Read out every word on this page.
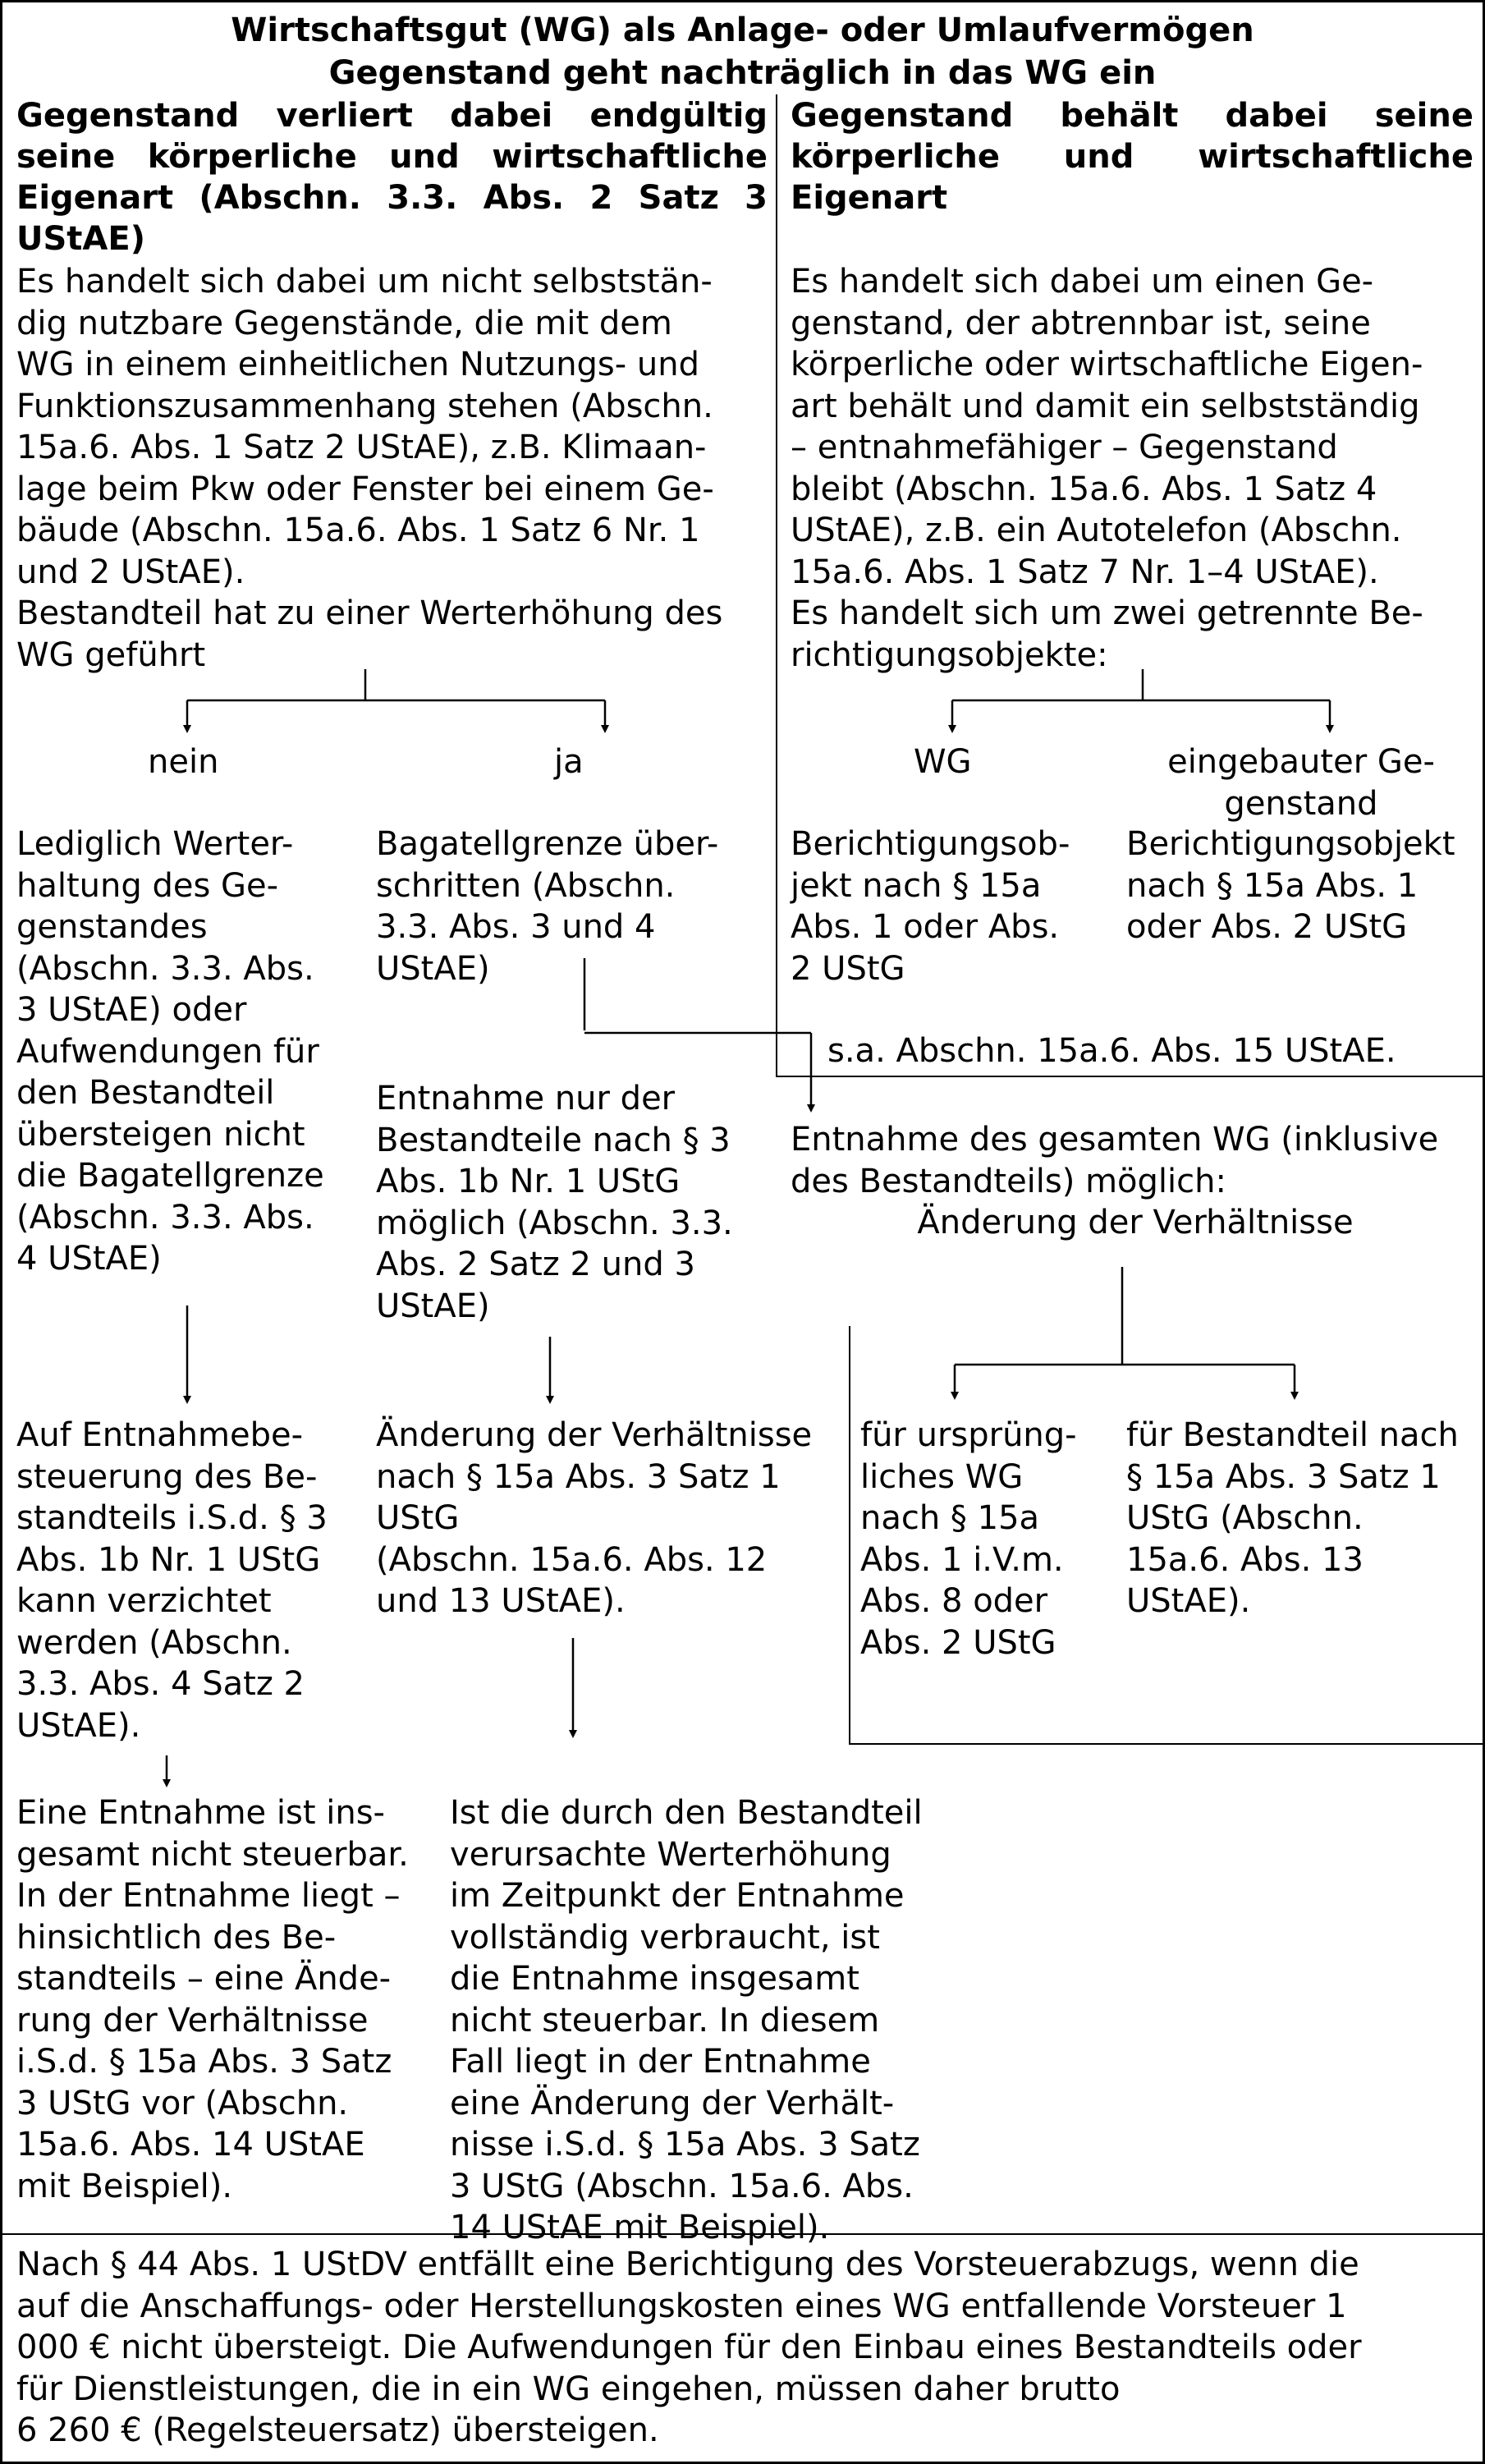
Wirtschaftsgut (WG) als Anlage- oder Umlaufvermögen
Gegenstand geht nachträglich in das WG ein
Gegenstand verliert dabei endgültig
seine körperliche und wirtschaftliche
Eigenart (Abschn. 3.3. Abs. 2 Satz 3
UStAE)
Es handelt sich dabei um nicht selbststän-
dig nutzbare Gegenstände, die mit dem
WG in einem einheitlichen Nutzungs- und
Funktionszusammenhang stehen (Abschn.
15a.6. Abs. 1 Satz 2 UStAE), z.B. Klimaan-
lage beim Pkw oder Fenster bei einem Ge-
bäude (Abschn. 15a.6. Abs. 1 Satz 6 Nr. 1
und 2 UStAE).
Bestandteil hat zu einer Werterhöhung des
WG geführt
Gegenstand behält dabei seine
körperliche und wirtschaftliche
Eigenart
Es handelt sich dabei um einen Ge-
genstand, der abtrennbar ist, seine
körperliche oder wirtschaftliche Eigen-
art behält und damit ein selbstständig
– entnahmefähiger – Gegenstand
bleibt (Abschn. 15a.6. Abs. 1 Satz 4
UStAE), z.B. ein Autotelefon (Abschn.
15a.6. Abs. 1 Satz 7 Nr. 1–4 UStAE).
Es handelt sich um zwei getrennte Be-
richtigungsobjekte:
nein	ja	WG	eingebauter Ge-
genstand
Lediglich Werter-
haltung des Ge-
genstandes
(Abschn. 3.3. Abs.
3 UStAE) oder
Aufwendungen für
den Bestandteil
übersteigen nicht
die Bagatellgrenze
(Abschn. 3.3. Abs.
4 UStAE)
Bagatellgrenze über-
schritten (Abschn.
3.3. Abs. 3 und 4
UStAE)
Berichtigungsob-
jekt nach § 15a
Abs. 1 oder Abs.
2 UStG
Berichtigungsobjekt
nach § 15a Abs. 1
oder Abs. 2 UStG
s.a. Abschn. 15a.6. Abs. 15 UStAE.
Entnahme nur der
Bestandteile nach § 3
Abs. 1b Nr. 1 UStG
möglich (Abschn. 3.3.
Abs. 2 Satz 2 und 3
UStAE)
Entnahme des gesamten WG (inklusive
des Bestandteils) möglich:
Änderung der Verhältnisse
Auf Entnahmebe-
steuerung des Be-
standteils i.S.d. § 3
Abs. 1b Nr. 1 UStG
kann verzichtet
werden (Abschn.
3.3. Abs. 4 Satz 2
UStAE).
Änderung der Verhältnisse
nach § 15a Abs. 3 Satz 1
UStG
(Abschn. 15a.6. Abs. 12
und 13 UStAE).
für ursprüng-
liches WG
nach § 15a
Abs. 1 i.V.m.
Abs. 8 oder
Abs. 2 UStG
für Bestandteil nach
§ 15a Abs. 3 Satz 1
UStG (Abschn.
15a.6. Abs. 13
UStAE).
Eine Entnahme ist ins-
gesamt nicht steuerbar.
In der Entnahme liegt –
hinsichtlich des Be-
standteils – eine Ände-
rung der Verhältnisse
i.S.d. § 15a Abs. 3 Satz
3 UStG vor (Abschn.
15a.6. Abs. 14 UStAE
mit Beispiel).
Ist die durch den Bestandteil
verursachte Werterhöhung
im Zeitpunkt der Entnahme
vollständig verbraucht, ist
die Entnahme insgesamt
nicht steuerbar. In diesem
Fall liegt in der Entnahme
eine Änderung der Verhält-
nisse i.S.d. § 15a Abs. 3 Satz
3 UStG (Abschn. 15a.6. Abs.
14 UStAE mit Beispiel).
Nach § 44 Abs. 1 UStDV entfällt eine Berichtigung des Vorsteuerabzugs, wenn die
auf die Anschaffungs- oder Herstellungskosten eines WG entfallende Vorsteuer 1
000 € nicht übersteigt. Die Aufwendungen für den Einbau eines Bestandteils oder
für Dienstleistungen, die in ein WG eingehen, müssen daher brutto
6 260 € (Regelsteuersatz) übersteigen.
